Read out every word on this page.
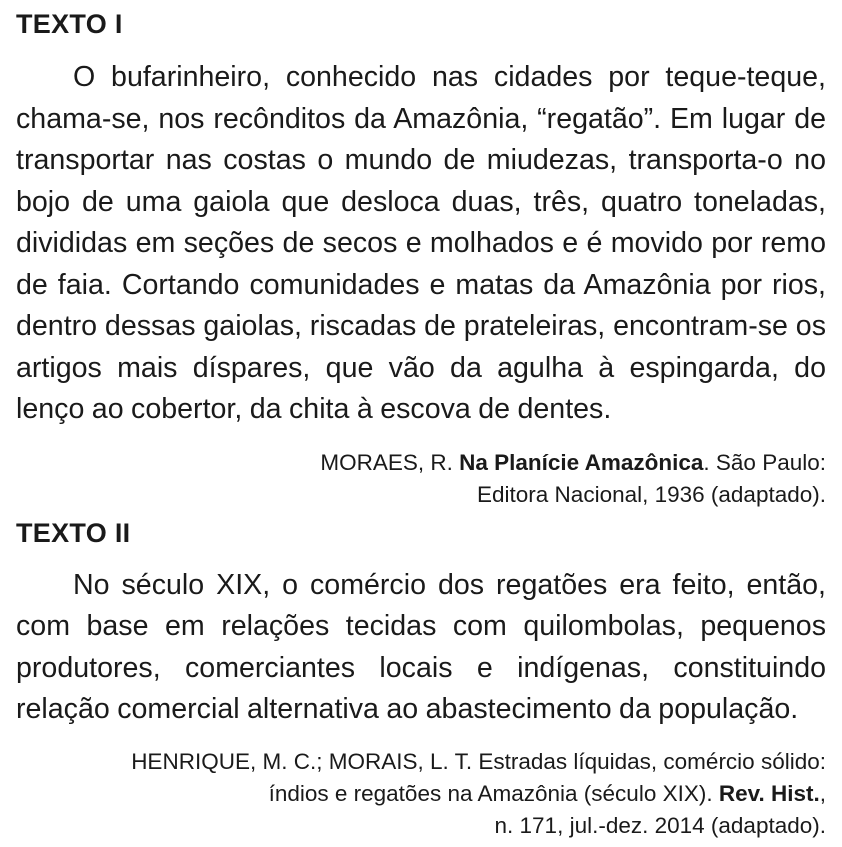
TEXTO I

O bufarinheiro, conhecido nas cidades por teque-teque, chama-se, nos recônditos da Amazônia, “regatão”. Em lugar de transportar nas costas o mundo de miudezas, transporta-o no bojo de uma gaiola que desloca duas, três, quatro toneladas, divididas em seções de secos e molhados e é movido por remo de faia. Cortando comunidades e matas da Amazônia por rios, dentro dessas gaiolas, riscadas de prateleiras, encontram-se os artigos mais díspares, que vão da agulha à espingarda, do lenço ao cobertor, da chita à escova de dentes.

MORAES, R. Na Planície Amazônica. São Paulo:
Editora Nacional, 1936 (adaptado).

TEXTO II

No século XIX, o comércio dos regatões era feito, então, com base em relações tecidas com quilombolas, pequenos produtores, comerciantes locais e indígenas, constituindo relação comercial alternativa ao abastecimento da população.

HENRIQUE, M. C.; MORAIS, L. T. Estradas líquidas, comércio sólido:
índios e regatões na Amazônia (século XIX). Rev. Hist.,
n. 171, jul.-dez. 2014 (adaptado).
